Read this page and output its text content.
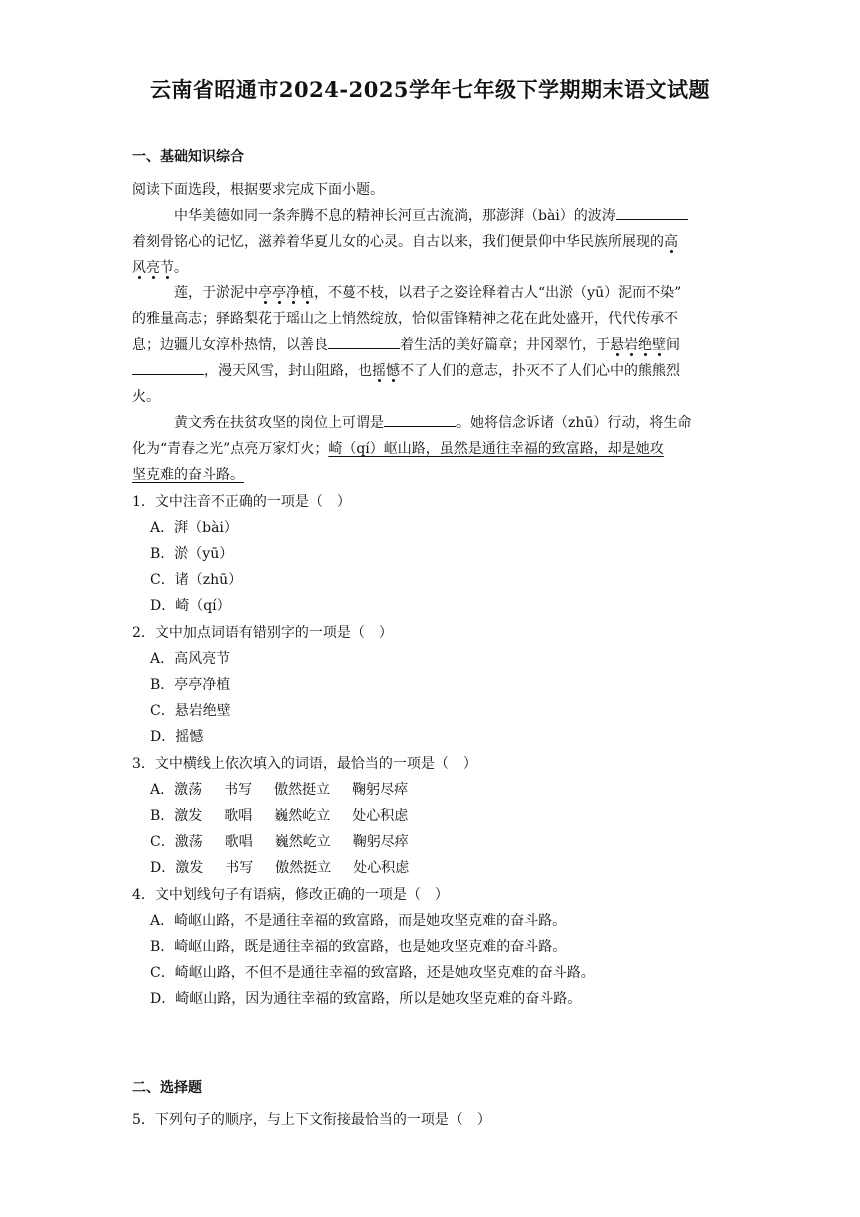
云南省昭通市2024-2025学年七年级下学期期末语文试题
一、基础知识综合
阅读下面选段，根据要求完成下面小题。
中华美德如同一条奔腾不息的精神长河亘古流淌，那澎湃（bài）的波涛
着刻骨铭心的记忆，滋养着华夏儿女的心灵。自古以来，我们便景仰中华民族所展现的高
风亮节。
莲，于淤泥中亭亭净植，不蔓不枝，以君子之姿诠释着古人“出淤（yū）泥而不染”
的雅量高志；驿路梨花于瑶山之上悄然绽放，恰似雷锋精神之花在此处盛开，代代传承不
息；边疆儿女淳朴热情，以善良	着生活的美好篇章；井冈翠竹，于悬岩绝壁间
，漫天风雪，封山阻路，也摇憾不了人们的意志，扑灭不了人们心中的熊熊烈
火。
黄文秀在扶贫攻坚的岗位上可谓是	。她将信念诉诸（zhū）行动，将生命
化为“青春之光”点亮万家灯火；崎（qí）岖山路，虽然是通往幸福的致富路，却是她攻
坚克难的奋斗路。
1．文中注音不正确的一项是（　）
A．湃（bài）
B．淤（yū）
C．诸（zhū）
D．崎（qí）
2．文中加点词语有错别字的一项是（　）
A．高风亮节
B．亭亭净植
C．悬岩绝壁
D．摇憾
3．文中横线上依次填入的词语，最恰当的一项是（　）
A．激荡 书写 傲然挺立 鞠躬尽瘁
B．激发 歌唱 巍然屹立 处心积虑
C．激荡 歌唱 巍然屹立 鞠躬尽瘁
D．激发 书写 傲然挺立 处心积虑
4．文中划线句子有语病，修改正确的一项是（　）
A．崎岖山路，不是通往幸福的致富路，而是她攻坚克难的奋斗路。
B．崎岖山路，既是通往幸福的致富路，也是她攻坚克难的奋斗路。
C．崎岖山路，不但不是通往幸福的致富路，还是她攻坚克难的奋斗路。
D．崎岖山路，因为通往幸福的致富路，所以是她攻坚克难的奋斗路。
二、选择题
5．下列句子的顺序，与上下文衔接最恰当的一项是（　）
